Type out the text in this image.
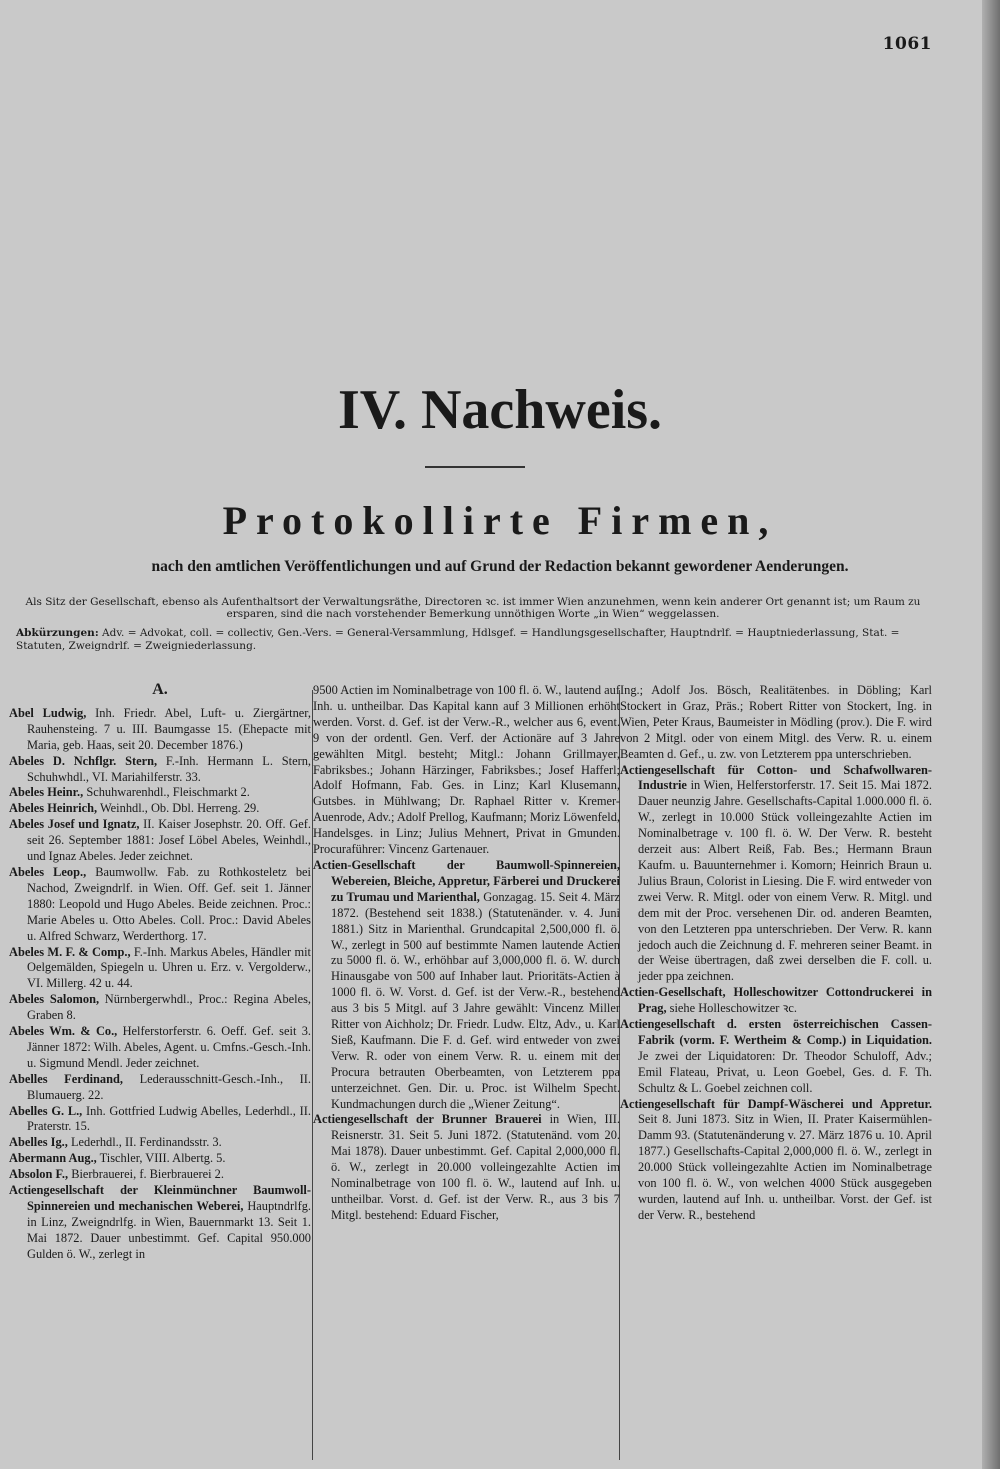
1061
IV. Nachweis.
Protokollirte Firmen,
nach den amtlichen Veröffentlichungen und auf Grund der Redaction bekannt gewordener Aenderungen.
Als Sitz der Gesellschaft, ebenso als Aufenthaltsort der Verwaltungsräthe, Directoren ꝛc. ist immer Wien anzunehmen, wenn kein anderer Ort genannt ist; um Raum zu ersparen, sind die nach vorstehender Bemerkung unnöthigen Worte „in Wien“ weggelassen.
Abkürzungen: Adv. = Advokat, coll. = collectiv, Gen.-Vers. = General-Versammlung, Hdlsgef. = Handlungsgesellschafter, Hauptndrlf. = Hauptniederlassung, Stat. = Statuten, Zweigndrlf. = Zweigniederlassung.
A.

Abel Ludwig, Inh. Friedr. Abel, Luft- u. Ziergärtner, Rauhensteing. 7 u. III. Baumgasse 15. (Ehepacte mit Maria, geb. Haas, seit 20. December 1876.)

Abeles D. Nchflgr. Stern, F.-Inh. Hermann L. Stern, Schuhwhdl., VI. Mariahilferstr. 33.

Abeles Heinr., Schuhwarenhdl., Fleischmarkt 2.

Abeles Heinrich, Weinhdl., Ob. Dbl. Herreng. 29.

Abeles Josef und Ignatz, II. Kaiser Josephstr. 20. Off. Gef. seit 26. September 1881: Josef Löbel Abeles, Weinhdl., und Ignaz Abeles. Jeder zeichnet.

Abeles Leop., Baumwollw. Fab. zu Rothkosteletz bei Nachod, Zweigndrlf. in Wien. Off. Gef. seit 1. Jänner 1880: Leopold und Hugo Abeles. Beide zeichnen. Proc.: Marie Abeles u. Otto Abeles. Coll. Proc.: David Abeles u. Alfred Schwarz, Werderthorg. 17.

Abeles M. F. & Comp., F.-Inh. Markus Abeles, Händler mit Oelgemälden, Spiegeln u. Uhren u. Erz. v. Vergolderw., VI. Millerg. 42 u. 44.

Abeles Salomon, Nürnbergerwhdl., Proc.: Regina Abeles, Graben 8.

Abeles Wm. & Co., Helferstorferstr. 6. Oeff. Gef. seit 3. Jänner 1872: Wilh. Abeles, Agent. u. Cmfns.-Gesch.-Inh. u. Sigmund Mendl. Jeder zeichnet.

Abelles Ferdinand, Lederausschnitt-Gesch.-Inh., II. Blumauerg. 22.

Abelles G. L., Inh. Gottfried Ludwig Abelles, Lederhdl., II. Praterstr. 15.

Abelles Ig., Lederhdl., II. Ferdinandsstr. 3.

Abermann Aug., Tischler, VIII. Albertg. 5.

Absolon F., Bierbrauerei, f. Bierbrauerei 2.

Actiengesellschaft der Kleinmünchner Baumwoll-Spinnereien und mechanischen Weberei, Hauptndrlfg. in Linz, Zweigndrlfg. in Wien, Bauernmarkt 13. Seit 1. Mai 1872. Dauer unbestimmt. Gef. Capital 950.000 Gulden ö. W., zerlegt in

9500 Actien im Nominalbetrage von 100 fl. ö. W., lautend auf Inh. u. untheilbar. Das Kapital kann auf 3 Millionen erhöht werden. Vorst. d. Gef. ist der Verw.-R., welcher aus 6, event. 9 von der ordentl. Gen. Verf. der Actionäre auf 3 Jahre gewählten Mitgl. besteht; Mitgl.: Johann Grillmayer, Fabriksbes.; Johann Härzinger, Fabriksbes.; Josef Hafferl; Adolf Hofmann, Fab. Ges. in Linz; Karl Klusemann, Gutsbes. in Mühlwang; Dr. Raphael Ritter v. Kremer-Auenrode, Adv.; Adolf Prellog, Kaufmann; Moriz Löwenfeld, Handelsges. in Linz; Julius Mehnert, Privat in Gmunden. Procuraführer: Vincenz Gartenauer.

Actien-Gesellschaft der Baumwoll-Spinnereien, Webereien, Bleiche, Appretur, Färberei und Druckerei zu Trumau und Marienthal, Gonzagag. 15. Seit 4. März 1872. (Bestehend seit 1838.) (Statutenänder. v. 4. Juni 1881.) Sitz in Marienthal. Grundcapital 2,500,000 fl. ö. W., zerlegt in 500 auf bestimmte Namen lautende Actien zu 5000 fl. ö. W., erhöhbar auf 3,000,000 fl. ö. W. durch Hinausgabe von 500 auf Inhaber laut. Prioritäts-Actien à 1000 fl. ö. W. Vorst. d. Gef. ist der Verw.-R., bestehend aus 3 bis 5 Mitgl. auf 3 Jahre gewählt: Vincenz Miller Ritter von Aichholz; Dr. Friedr. Ludw. Eltz, Adv., u. Karl Sieß, Kaufmann. Die F. d. Gef. wird entweder von zwei Verw. R. oder von einem Verw. R. u. einem mit der Procura betrauten Oberbeamten, von Letzterem ppa unterzeichnet. Gen. Dir. u. Proc. ist Wilhelm Specht. Kundmachungen durch die „Wiener Zeitung“.

Actiengesellschaft der Brunner Brauerei in Wien, III. Reisnerstr. 31. Seit 5. Juni 1872. (Statutenänd. vom 20. Mai 1878). Dauer unbestimmt. Gef. Capital 2,000,000 fl. ö. W., zerlegt in 20.000 volleingezahlte Actien im Nominalbetrage von 100 fl. ö. W., lautend auf Inh. u. untheilbar. Vorst. d. Gef. ist der Verw. R., aus 3 bis 7 Mitgl. bestehend: Eduard Fischer,

Ing.; Adolf Jos. Bösch, Realitätenbes. in Döbling; Karl Stockert in Graz, Präs.; Robert Ritter von Stockert, Ing. in Wien, Peter Kraus, Baumeister in Mödling (prov.). Die F. wird von 2 Mitgl. oder von einem Mitgl. des Verw. R. u. einem Beamten d. Gef., u. zw. von Letzterem ppa unterschrieben.

Actiengesellschaft für Cotton- und Schafwollwaren-Industrie in Wien, Helferstorferstr. 17. Seit 15. Mai 1872. Dauer neunzig Jahre. Gesellschafts-Capital 1.000.000 fl. ö. W., zerlegt in 10.000 Stück volleingezahlte Actien im Nominalbetrage v. 100 fl. ö. W. Der Verw. R. besteht derzeit aus: Albert Reiß, Fab. Bes.; Hermann Braun Kaufm. u. Bauunternehmer i. Komorn; Heinrich Braun u. Julius Braun, Colorist in Liesing. Die F. wird entweder von zwei Verw. R. Mitgl. oder von einem Verw. R. Mitgl. und dem mit der Proc. versehenen Dir. od. anderen Beamten, von den Letzteren ppa unterschrieben. Der Verw. R. kann jedoch auch die Zeichnung d. F. mehreren seiner Beamt. in der Weise übertragen, daß zwei derselben die F. coll. u. jeder ppa zeichnen.

Actien-Gesellschaft, Holleschowitzer Cottondruckerei in Prag, siehe Holleschowitzer ꝛc.

Actiengesellschaft d. ersten österreichischen Cassen-Fabrik (vorm. F. Wertheim & Comp.) in Liquidation. Je zwei der Liquidatoren: Dr. Theodor Schuloff, Adv.; Emil Flateau, Privat, u. Leon Goebel, Ges. d. F. Th. Schultz & L. Goebel zeichnen coll.

Actiengesellschaft für Dampf-Wäscherei und Appretur. Seit 8. Juni 1873. Sitz in Wien, II. Prater Kaisermühlen-Damm 93. (Statutenänderung v. 27. März 1876 u. 10. April 1877.) Gesellschafts-Capital 2,000,000 fl. ö. W., zerlegt in 20.000 Stück volleingezahlte Actien im Nominalbetrage von 100 fl. ö. W., von welchen 4000 Stück ausgegeben wurden, lautend auf Inh. u. untheilbar. Vorst. der Gef. ist der Verw. R., bestehend
